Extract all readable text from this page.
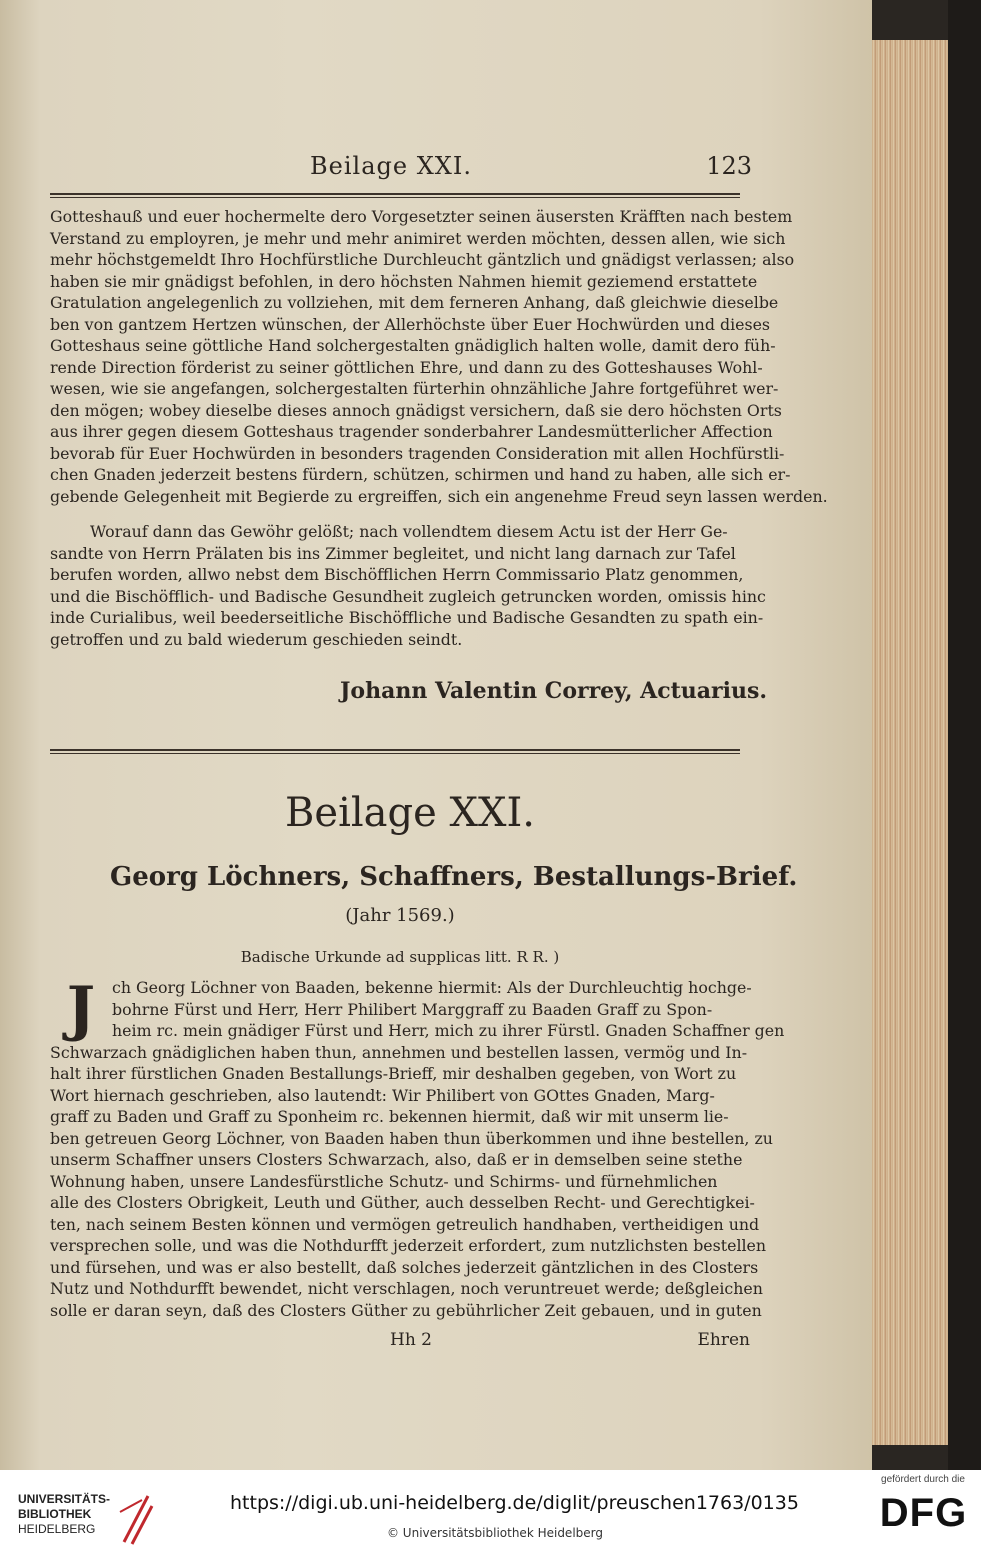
Beilage XXI.	123
Gotteshauß und euer hochermelte dero Vorgesetzter seinen äusersten Kräfften nach bestem
Verstand zu employren, je mehr und mehr animiret werden möchten, dessen allen, wie sich
mehr höchstgemeldt Ihro Hochfürstliche Durchleucht gäntzlich und gnädigst verlassen; also
haben sie mir gnädigst befohlen, in dero höchsten Nahmen hiemit geziemend erstattete
Gratulation angelegenlich zu vollziehen, mit dem ferneren Anhang, daß gleichwie dieselbe
ben von gantzem Hertzen wünschen, der Allerhöchste über Euer Hochwürden und dieses
Gotteshaus seine göttliche Hand solchergestalten gnädiglich halten wolle, damit dero füh-
rende Direction förderist zu seiner göttlichen Ehre, und dann zu des Gotteshauses Wohl-
wesen, wie sie angefangen, solchergestalten fürterhin ohnzähliche Jahre fortgeführet wer-
den mögen; wobey dieselbe dieses annoch gnädigst versichern, daß sie dero höchsten Orts
aus ihrer gegen diesem Gotteshaus tragender sonderbahrer Landesmütterlicher Affection
bevorab für Euer Hochwürden in besonders tragenden Consideration mit allen Hochfürstli-
chen Gnaden jederzeit bestens fürdern, schützen, schirmen und hand zu haben, alle sich er-
gebende Gelegenheit mit Begierde zu ergreiffen, sich ein angenehme Freud seyn lassen werden.
Worauf dann das Gewöhr gelößt; nach vollendtem diesem Actu ist der Herr Ge-
sandte von Herrn Prälaten bis ins Zimmer begleitet, und nicht lang darnach zur Tafel
berufen worden, allwo nebst dem Bischöfflichen Herrn Commissario Platz genommen,
und die Bischöfflich- und Badische Gesundheit zugleich getruncken worden, omissis hinc
inde Curialibus, weil beederseitliche Bischöffliche und Badische Gesandten zu spath ein-
getroffen und zu bald wiederum geschieden seindt.
Johann Valentin Correy, Actuarius.
Beilage XXI.
Georg Löchners, Schaffners, Bestallungs-Brief.
(Jahr 1569.)
Badische Urkunde ad supplicas litt. R R. )
J	ch Georg Löchner von Baaden, bekenne hiermit: Als der Durchleuchtig hochge-
bohrne Fürst und Herr, Herr Philibert Marggraff zu Baaden Graff zu Spon-
heim rc. mein gnädiger Fürst und Herr, mich zu ihrer Fürstl. Gnaden Schaffner gen
Schwarzach gnädiglichen haben thun, annehmen und bestellen lassen, vermög und In-
halt ihrer fürstlichen Gnaden Bestallungs-Brieff, mir deshalben gegeben, von Wort zu
Wort hiernach geschrieben, also lautendt: Wir Philibert von GOttes Gnaden, Marg-
graff zu Baden und Graff zu Sponheim rc. bekennen hiermit, daß wir mit unserm lie-
ben getreuen Georg Löchner, von Baaden haben thun überkommen und ihne bestellen, zu
unserm Schaffner unsers Closters Schwarzach, also, daß er in demselben seine stethe
Wohnung haben, unsere Landesfürstliche Schutz- und Schirms- und fürnehmlichen
alle des Closters Obrigkeit, Leuth und Güther, auch desselben Recht- und Gerechtigkei-
ten, nach seinem Besten können und vermögen getreulich handhaben, vertheidigen und
versprechen solle, und was die Nothdurfft jederzeit erfordert, zum nutzlichsten bestellen
und fürsehen, und was er also bestellt, daß solches jederzeit gäntzlichen in des Closters
Nutz und Nothdurfft bewendet, nicht verschlagen, noch veruntreuet werde; deßgleichen
solle er daran seyn, daß des Closters Güther zu gebührlicher Zeit gebauen, und in guten
Hh 2	Ehren
UNIVERSITÄTS-
BIBLIOTHEK
HEIDELBERG
https://digi.ub.uni-heidelberg.de/diglit/preuschen1763/0135
© Universitätsbibliothek Heidelberg
gefördert durch die
DFG
